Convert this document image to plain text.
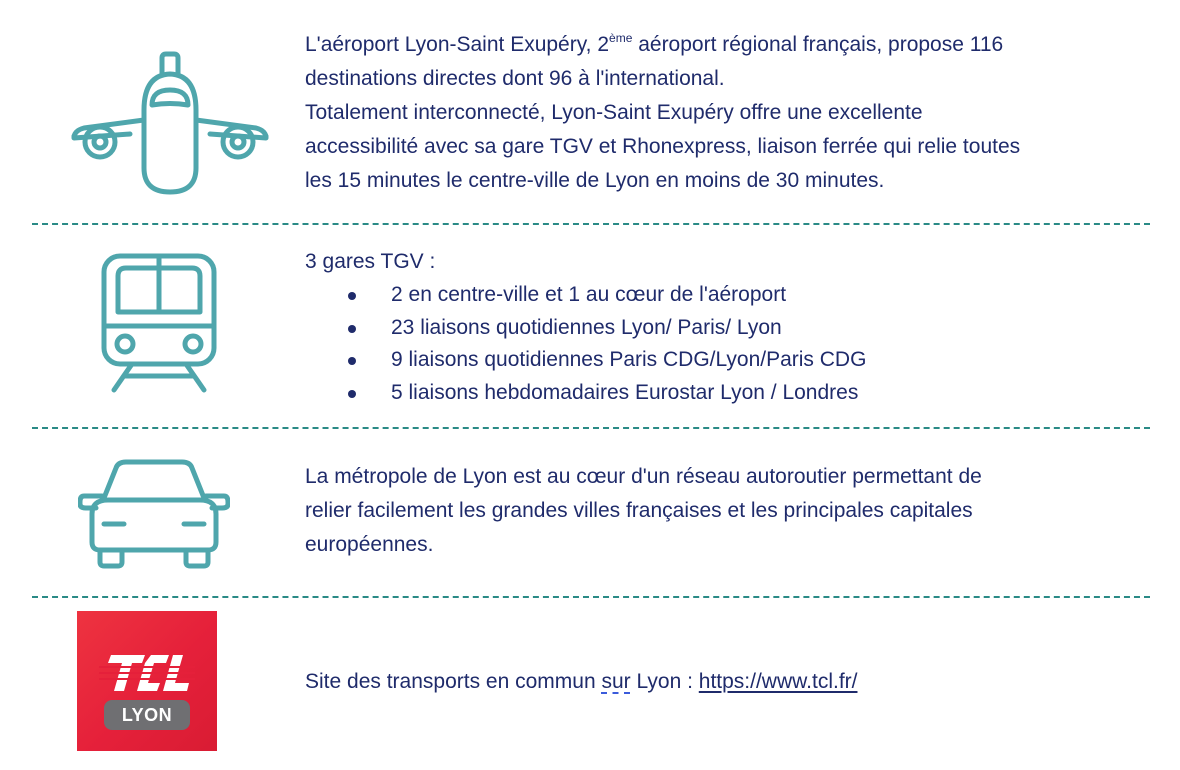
L'aéroport Lyon-Saint Exupéry, 2ème aéroport régional français, propose 116

destinations directes dont 96 à l'international.

Totalement interconnecté, Lyon-Saint Exupéry offre une excellente

accessibilité avec sa gare TGV et Rhonexpress, liaison ferrée qui relie toutes

les 15 minutes le centre-ville de Lyon en moins de 30 minutes.

3 gares TGV :

2 en centre-ville et 1 au cœur de l'aéroport
23 liaisons quotidiennes Lyon/ Paris/ Lyon
9 liaisons quotidiennes Paris CDG/Lyon/Paris CDG
5 liaisons hebdomadaires Eurostar Lyon / Londres

La métropole de Lyon est au cœur d'un réseau autoroutier permettant de

relier facilement les grandes villes françaises et les principales capitales

européennes.

TCL
LYON

Site des transports en commun sur Lyon : https://www.tcl.fr/
